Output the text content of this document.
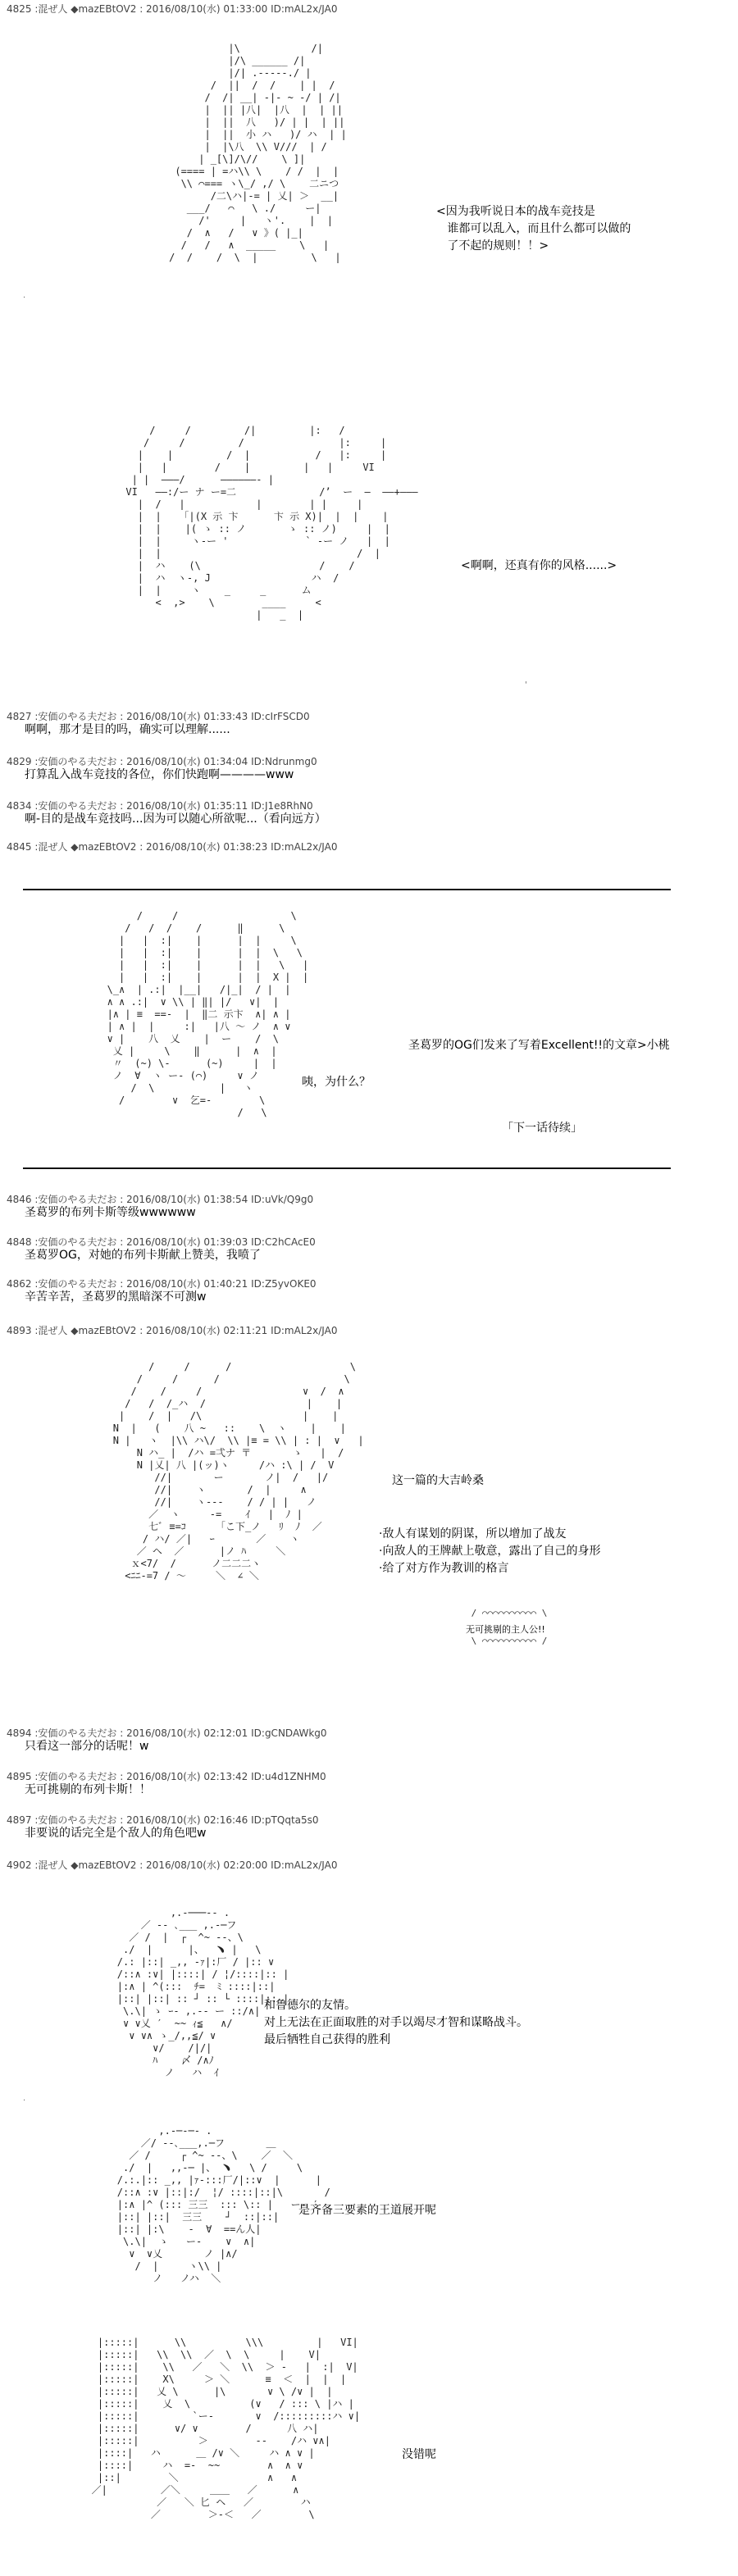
4825 :混ぜ人 ◆mazEBtOV2 : 2016/08/10(水) 01:33:00 ID:mAL2x/JA0
|\            /|
|/\ ______ /|
|/| .-----./ |
/  ||  /  /    | |  /
/  /| __| -|- ~ -/ | /|
|  || |八|  |八  |  | ||
|  ||  八   )/ | |  | ||
|  ||  小 ハ   )/ ハ  | |
|  |\八  \\ V///  | /
| _[\]/\//    \ ]|
(==== | =ハ\\ \    / /  |  |
\\ ⌒=== ヽ\_/ ,/ \    二ニつ
/二\ハ|-= | 乂| ＞  __|
___/   ⌒   \ ./     ー|
/'     |   ヽ'.    |  |
/  ∧   /   ∨ 》( |_|
/   /   ∧  _____    \   |
/  /    /  \  |         \   |
<因为我听说日本的战车竞技是
谁都可以乱入，而且什么都可以做的
了不起的规则！！>
.
/     /         /|         |:   /
/     /         /                |:     |
|    |         /  |           /   |:     |
|   |        /    |         |   |     VI
| |  ———/      ——————‐ |
VI   ——:/ー ナ ー=二              /’  ー  —  ——+———
|  /   |            |        | |     |
|  |   「|(X 示 卞      卞 示 X)|  |  |    |
|  |    |( ゝ :: ノ       ゝ :: ノ)     |  |
|  |     ヽ-ー '             ` -ー ノ   |  |
|  |                                 /  |
|  ハ    (\                    /    /
|  ハ  ヽ-, J                 ハ  /
|  |     ヽ    _     _      ム
<  ,>    \        ____     <
|   _  |
<啊啊，还真有你的风格......>
'
4827 :安価のやる夫だお : 2016/08/10(水) 01:33:43 ID:cIrFSCD0
啊啊，那才是目的吗，确实可以理解......
4829 :安価のやる夫だお : 2016/08/10(水) 01:34:04 ID:Ndrunmg0
打算乱入战车竞技的各位，你们快跑啊————www
4834 :安価のやる夫だお : 2016/08/10(水) 01:35:11 ID:J1e8RhN0
啊-目的是战车竞技吗...因为可以随心所欲呢...（看向远方）
4845 :混ぜ人 ◆mazEBtOV2 : 2016/08/10(水) 01:38:23 ID:mAL2x/JA0
/     /                   \
/   /  /    /      ‖      \
|   |  :|    |      |  |     \
|   |  :|    |      |  |  \   \
|   |  :|    |      |  |   \   |
|   |  :|    |      |  |  X |  |
\_∧  | .:|  |__|   /|_|  / |  |
∧ ∧ .:|  ∨ \\ | ‖| |/   ∨|  |
|∧ | ≡  ==-  |  ‖二 示卞  ∧| ∧ |
| ∧ |  |     :|   |八 〜 ノ  ∧ ∨
∨ |    八  乂    |  ー    /  \
乂 |     \    ‖      |  ∧  |
〃  (~) \‐      (~)     |  |
ノ  ∀  ヽ ー- (⌒)     ∨ ノ
/  \           |   ヽ
/        ∨  乞=-        \
/   \
圣葛罗的OG们发来了写着Excellent!!的文章>小桃
咦，为什么？
「下一话待续」
4846 :安価のやる夫だお : 2016/08/10(水) 01:38:54 ID:uVk/Q9g0
圣葛罗的布列卡斯等级wwwwww
4848 :安価のやる夫だお : 2016/08/10(水) 01:39:03 ID:C2hCAcE0
圣葛罗OG，对她的布列卡斯献上赞美，我喷了
4862 :安価のやる夫だお : 2016/08/10(水) 01:40:21 ID:Z5yvOKE0
辛苦辛苦，圣葛罗的黑暗深不可测w
4893 :混ぜ人 ◆mazEBtOV2 : 2016/08/10(水) 02:11:21 ID:mAL2x/JA0
/     /      /                    \
/     /      /                     \
/    /     /                 ∨  /  ∧
/   /  /_ハ  /                 |    |
|    /  |   /\                 |    |
N  |   (    八 ~   ::    \  ヽ    |    |
N |   ヽ  |\\ ハ\/  \\ |≡ = \\ | : |  ∨   |
N ハ_ |  /ハ =弌ナ 〒       ゝ   |  /
N |乂| 八 |(ッ)ヽ     /ハ :\ | /  V
//|       ー       ノ|  /   |/
//|    ヽ       /  |     ∧
//|    ヽ---    / / | |   ノ
／  ヽ     -=    ｲ   |  ﾉ |
七ﾞ ≡=ｺ     「こ下_ノ   ﾘ  ﾉ  ／
/ ハ/ ／|   ｰ       ／    ヽ
／ ヘ  ／      |ノ ﾊ     ＼
ｘ<7/  /      ノ二二二ヽ
<ﾆﾆ-=7 / 〜     ＼  ∠ ＼
这一篇的大吉岭桑
·敌人有谋划的阴谋，所以增加了战友
·向敌人的王牌献上敬意，露出了自己的身形
·给了对方作为教训的格言
/ ⌒⌒⌒⌒⌒⌒⌒⌒⌒⌒ \
无可挑剔的主人公!!
\ ⌒⌒⌒⌒⌒⌒⌒⌒⌒⌒ /
4894 :安価のやる夫だお : 2016/08/10(水) 02:12:01 ID:gCNDAWkg0
只看这一部分的话呢！w
4895 :安価のやる夫だお : 2016/08/10(水) 02:13:42 ID:u4d1ZNHM0
无可挑剔的布列卡斯！！
4897 :安価のやる夫だお : 2016/08/10(水) 02:16:46 ID:pTQqta5s0
非要说的话完全是个敌人的角色吧w
4902 :混ぜ人 ◆mazEBtOV2 : 2016/08/10(水) 02:20:00 ID:mAL2x/JA0
,.-───‐- .
／ ‐- ､___ ,.-─フ
／ /  |  ┌  ^~ ‐-、\
./  |      |、  ﹅ |   \
/.: |::| _,, -ｧ|:厂 / |:: ∨
/::∧ :∨| |::::| / ¦/::::|:: |
|:∧ | ^(:::  ﾁ=  ﾐ ::::|::|
|::| |::| :: ┘ :: └ ::::|:: |
\.\| ゝ ｰ- ,.-‐ ー ::/∧|
∨ ∨乂 ′  ~~ ｨ≦   ∧/
∨ ∨∧ ゝ_/,,≦/ ∨
∨/    /|/|
ﾊ    〆 /∧ﾉ
ノ   ハ  ｲ
和鲁德尔的友情。
对上无法在正面取胜的对手以竭尽才智和谋略战斗。
最后牺牲自己获得的胜利
.
,.-─‐─- .
／/ ‐-､___,.─フ       ＿
／ /     ┌ ^~ ‐-、\    ／  ＼
./  |   ,,-─ |、 ﹅   \ /     \
/.:.|:: _,, |ｧ-:::厂/|::∨  |      |
/::∧ :∨ |::|:/  ¦/ ::::|::|\       /
|:∧ |^ (::: 三三  ::: \:: |   ー‐ ′
|::| |::|  三三    ┘  ::|::|
|::| |:\    -  ∀  ==ん人|
\.\|  ゝ   ー-    ∨  ∧|
∨  ∨乂       ノ |∧/
/  |     ヽ\\ |
ノ   ノハ  ＼
是齐备三要素的王道展开呢
|:::::|      \\          \\\         |   VI|
|:::::|   \\  \\  ／  \  \     |    V|
|:::::|    \\   ／   ＼  \\  ＞ -   |  :|  V|
|:::::|    X\     ＞ ＼      ≡  ＜  |  |  |
|:::::|   乂 \      |\       ∨ \ /∨ |  |
|:::::|    乂  \          (∨   / ::: \ |ハ |
|:::::|         `ー‐       ∨  /:::::::::ハ ∨|
|:::::|      ∨/ ∨        /      八 ハ|
|:::::|          ＞        ‐-    /ハ ∨∧|
|::::|   ハ      ＿ /∨ ＼     ハ ∧ ∨ |
|::::|     ハ  =-  ~~        ∧  ∧ ∨
|::|        ＼               ∧   ∧
／|         ／＼     ＿＿   ／      ∧
／   ＼ 匕 ヘ   ／        ハ
／        ＞-＜   ／        \
没错呢
